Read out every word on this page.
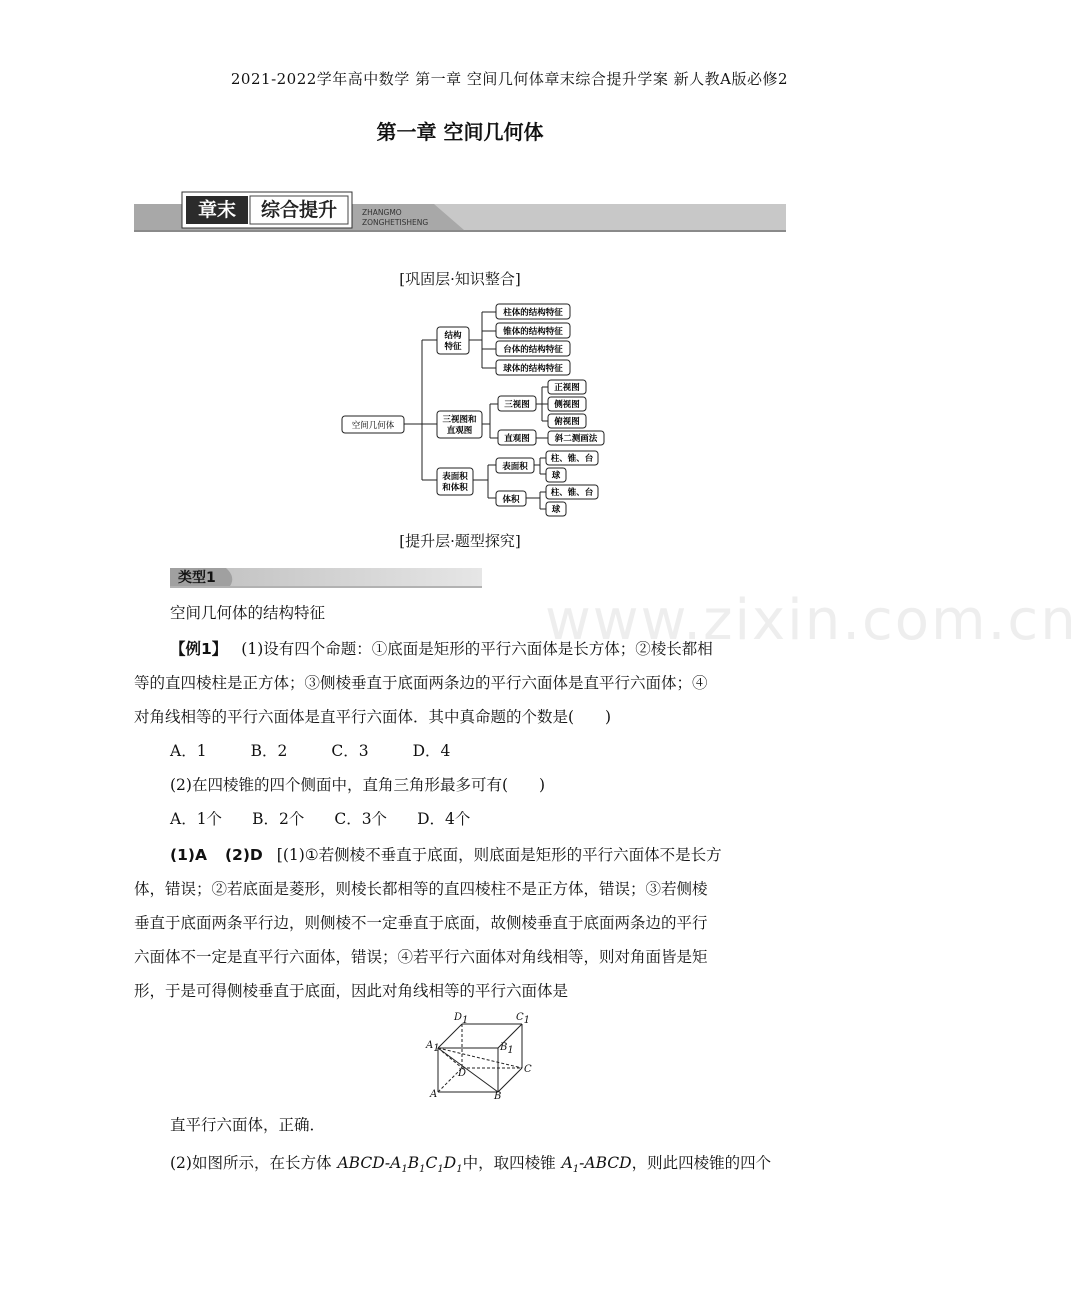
2021-2022学年高中数学 第一章 空间几何体章末综合提升学案 新人教A版必修2
第一章 空间几何体
章末	综合提升	ZHANGMO
ZONGHETISHENG
[巩固层·知识整合]
空间几何体
结构
特征
柱体的结构特征
锥体的结构特征
台体的结构特征
球体的结构特征
三视图和
直观图
三视图
直观图
正视图
侧视图
俯视图
斜二测画法
表面积
和体积
表面积
体积
柱、锥、台
球
柱、锥、台
球
[提升层·题型探究]
类型1
www.zixin.com.cn
空间几何体的结构特征
【例1】 (1)设有四个命题：①底面是矩形的平行六面体是长方体；②棱长都相
等的直四棱柱是正方体；③侧棱垂直于底面两条边的平行六面体是直平行六面体；④
对角线相等的平行六面体是直平行六面体．其中真命题的个数是(　　)
A．1	B．2	C．3	D．4
(2)在四棱锥的四个侧面中，直角三角形最多可有(　　)
A．1个 B．2个 C．3个 D．4个
(1)A (2)D [(1)①若侧棱不垂直于底面，则底面是矩形的平行六面体不是长方
体，错误；②若底面是菱形，则棱长都相等的直四棱柱不是正方体，错误；③若侧棱
垂直于底面两条平行边，则侧棱不一定垂直于底面，故侧棱垂直于底面两条边的平行
六面体不一定是直平行六面体，错误；④若平行六面体对角线相等，则对角面皆是矩
形，于是可得侧棱垂直于底面，因此对角线相等的平行六面体是
$D_1$	$C_1$
$A_1$	$B_1$
C
D
A	B
直平行六面体，正确．
(2)如图所示，在长方体 ABCD-$A_1B_1C_1D_1$中，取四棱锥 $A_1$-ABCD，则此四棱锥的四个
